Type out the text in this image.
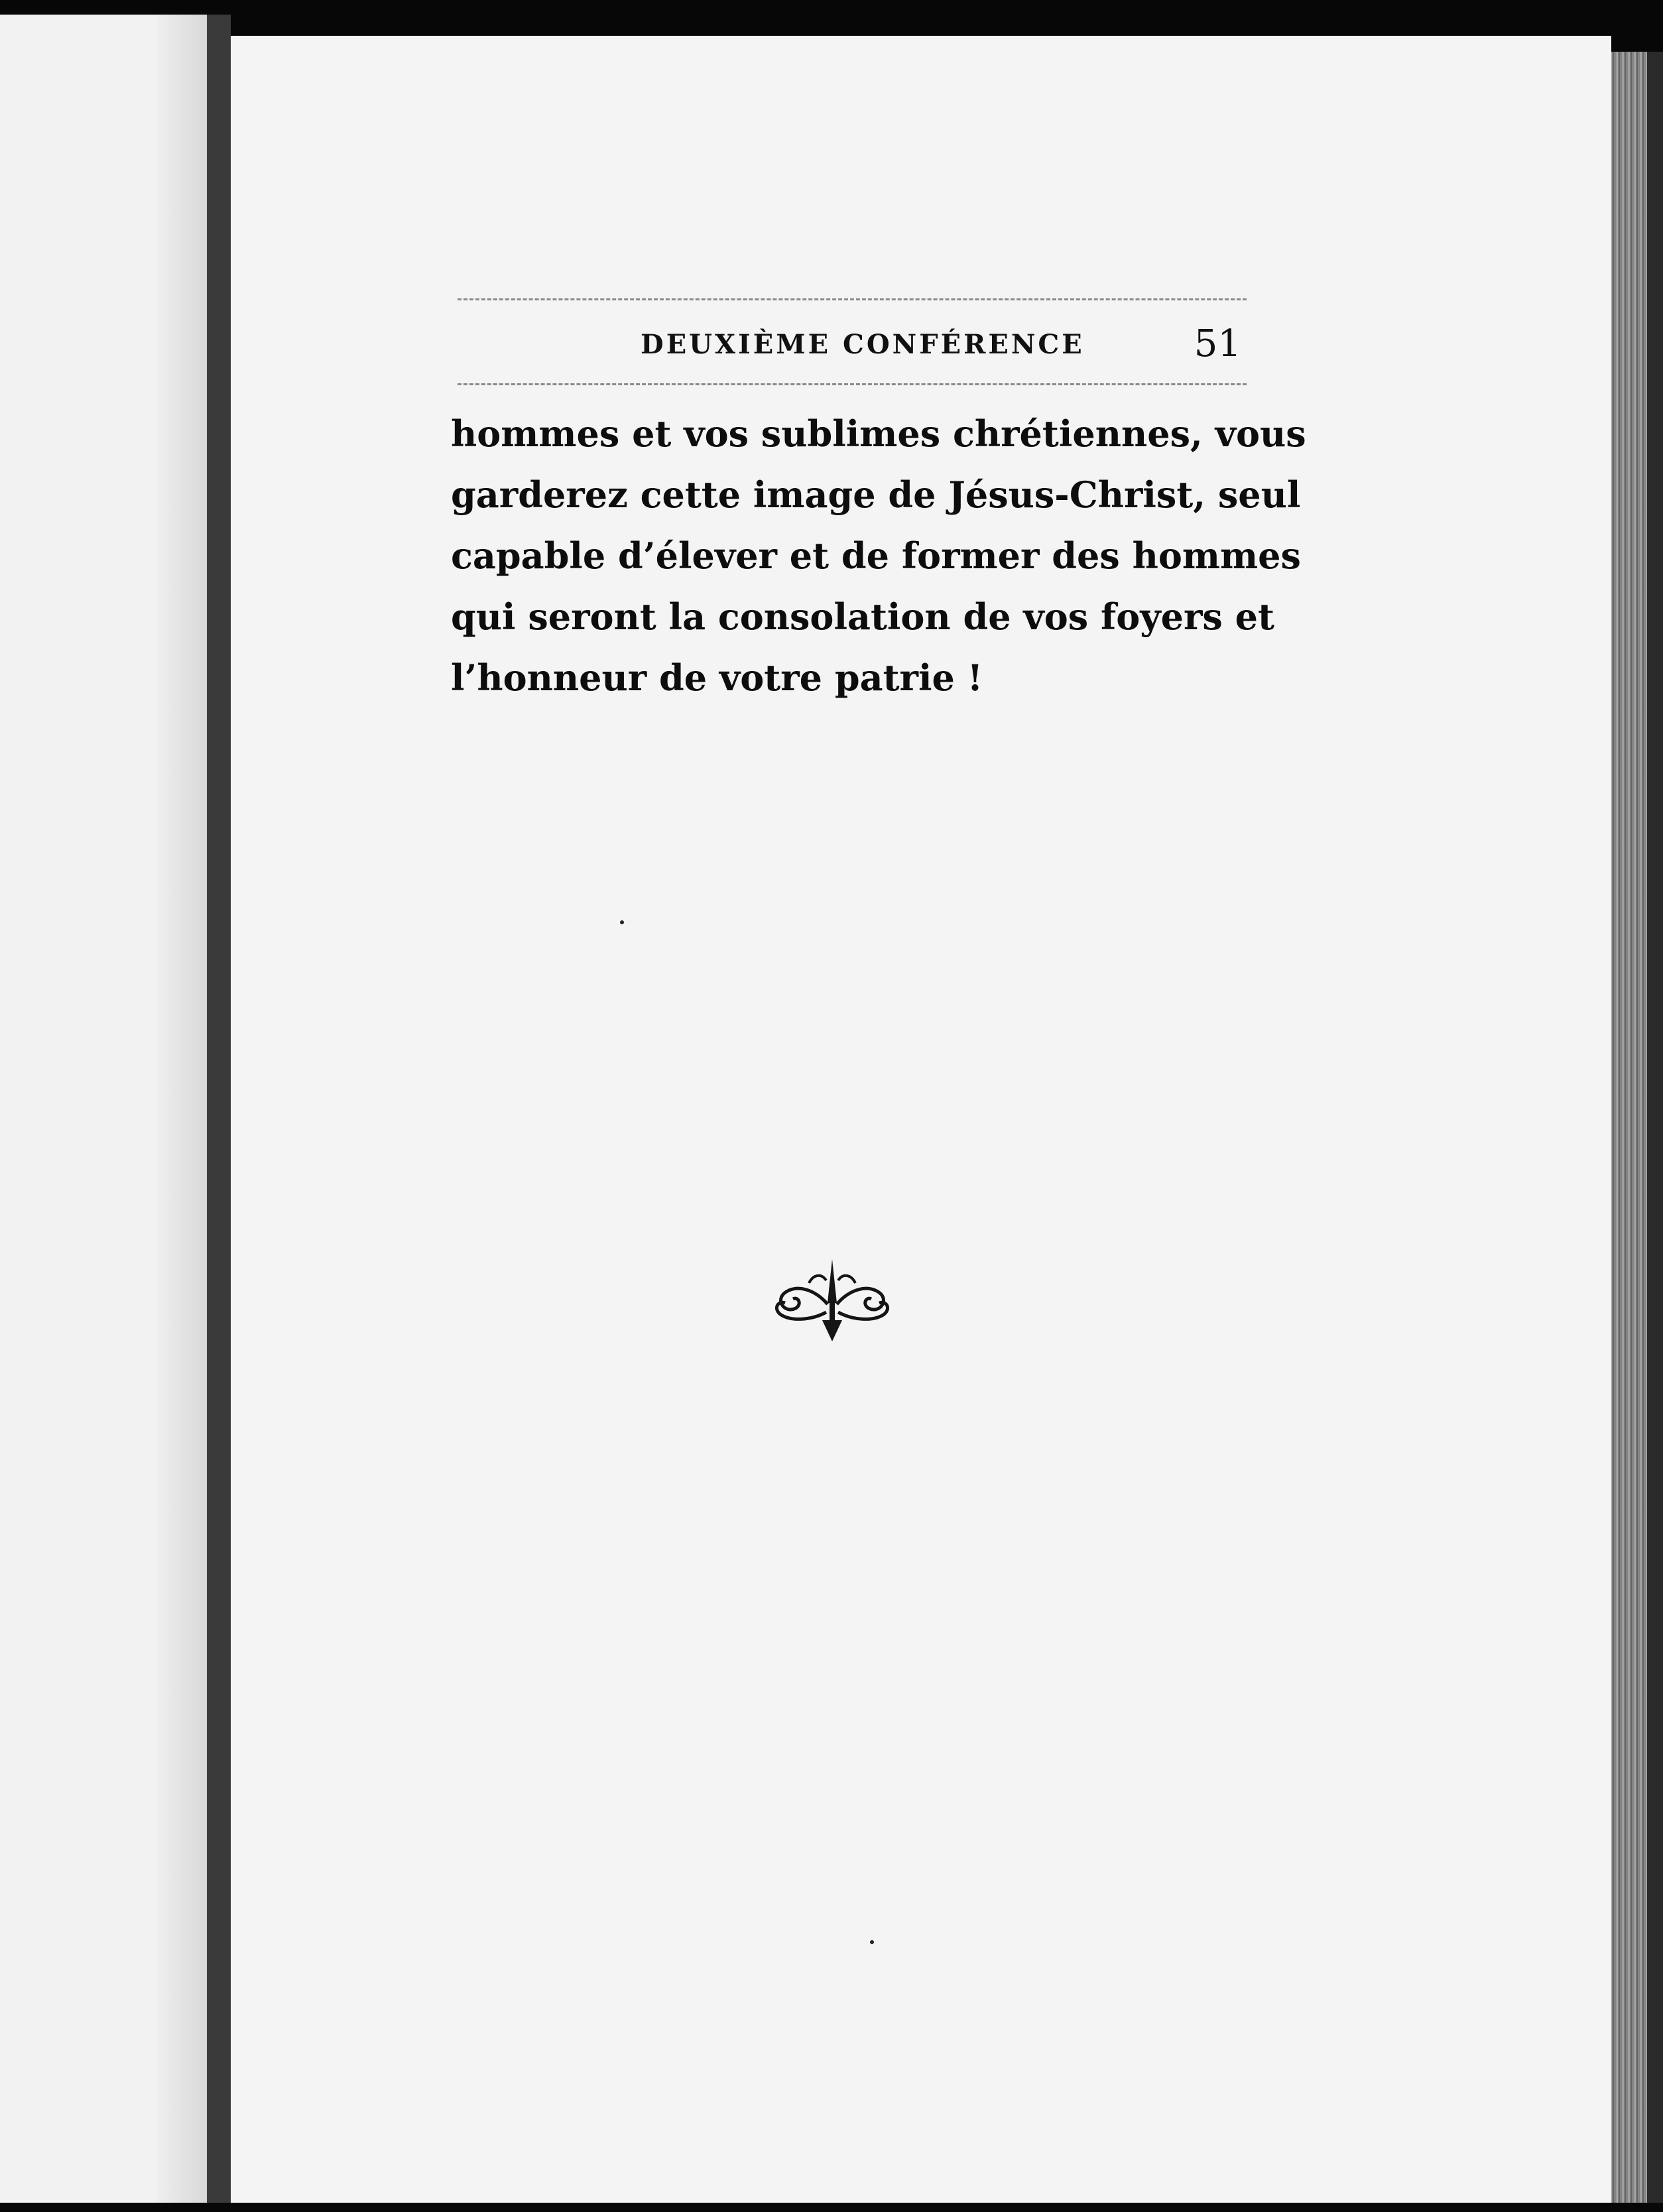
DEUXIÈME CONFÉRENCE	51
hommes et vos sublimes chrétiennes, vous
garderez cette image de Jésus-Christ, seul
capable d’élever et de former des hommes
qui seront la consolation de vos foyers et
l’honneur de votre patrie !
